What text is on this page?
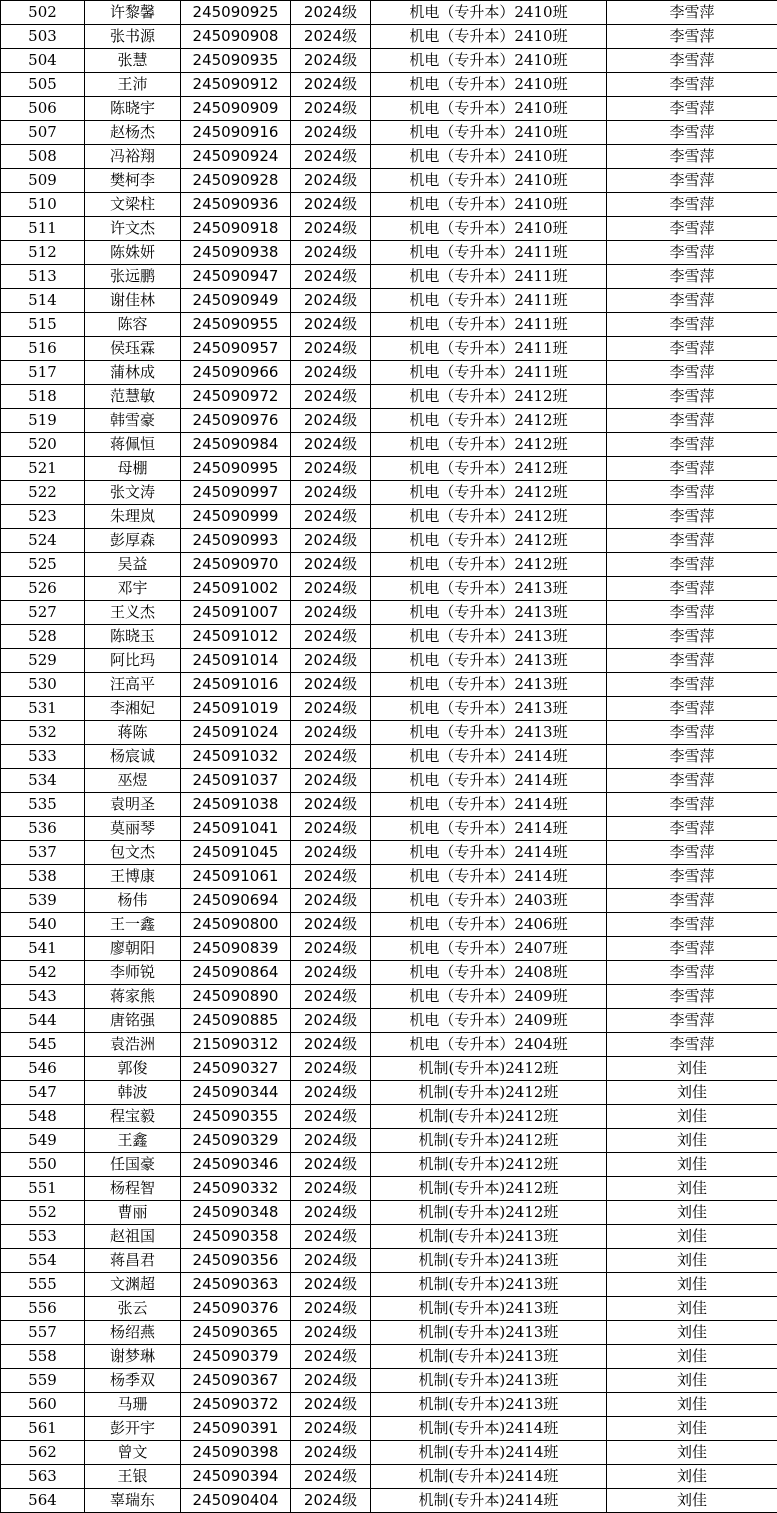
502	许黎馨	245090925	2024级	机电（专升本）2410班	李雪萍
503	张书源	245090908	2024级	机电（专升本）2410班	李雪萍
504	张慧	245090935	2024级	机电（专升本）2410班	李雪萍
505	王沛	245090912	2024级	机电（专升本）2410班	李雪萍
506	陈晓宇	245090909	2024级	机电（专升本）2410班	李雪萍
507	赵杨杰	245090916	2024级	机电（专升本）2410班	李雪萍
508	冯裕翔	245090924	2024级	机电（专升本）2410班	李雪萍
509	樊柯李	245090928	2024级	机电（专升本）2410班	李雪萍
510	文梁柱	245090936	2024级	机电（专升本）2410班	李雪萍
511	许文杰	245090918	2024级	机电（专升本）2410班	李雪萍
512	陈姝妍	245090938	2024级	机电（专升本）2411班	李雪萍
513	张远鹏	245090947	2024级	机电（专升本）2411班	李雪萍
514	谢佳林	245090949	2024级	机电（专升本）2411班	李雪萍
515	陈容	245090955	2024级	机电（专升本）2411班	李雪萍
516	侯珏霖	245090957	2024级	机电（专升本）2411班	李雪萍
517	蒲林成	245090966	2024级	机电（专升本）2411班	李雪萍
518	范慧敏	245090972	2024级	机电（专升本）2412班	李雪萍
519	韩雪豪	245090976	2024级	机电（专升本）2412班	李雪萍
520	蒋佩恒	245090984	2024级	机电（专升本）2412班	李雪萍
521	母棚	245090995	2024级	机电（专升本）2412班	李雪萍
522	张文涛	245090997	2024级	机电（专升本）2412班	李雪萍
523	朱理岚	245090999	2024级	机电（专升本）2412班	李雪萍
524	彭厚森	245090993	2024级	机电（专升本）2412班	李雪萍
525	吴益	245090970	2024级	机电（专升本）2412班	李雪萍
526	邓宇	245091002	2024级	机电（专升本）2413班	李雪萍
527	王义杰	245091007	2024级	机电（专升本）2413班	李雪萍
528	陈晓玉	245091012	2024级	机电（专升本）2413班	李雪萍
529	阿比玛	245091014	2024级	机电（专升本）2413班	李雪萍
530	汪高平	245091016	2024级	机电（专升本）2413班	李雪萍
531	李湘妃	245091019	2024级	机电（专升本）2413班	李雪萍
532	蒋陈	245091024	2024级	机电（专升本）2413班	李雪萍
533	杨宸诚	245091032	2024级	机电（专升本）2414班	李雪萍
534	巫煜	245091037	2024级	机电（专升本）2414班	李雪萍
535	袁明圣	245091038	2024级	机电（专升本）2414班	李雪萍
536	莫丽琴	245091041	2024级	机电（专升本）2414班	李雪萍
537	包文杰	245091045	2024级	机电（专升本）2414班	李雪萍
538	王博康	245091061	2024级	机电（专升本）2414班	李雪萍
539	杨伟	245090694	2024级	机电（专升本）2403班	李雪萍
540	王一鑫	245090800	2024级	机电（专升本）2406班	李雪萍
541	廖朝阳	245090839	2024级	机电（专升本）2407班	李雪萍
542	李师锐	245090864	2024级	机电（专升本）2408班	李雪萍
543	蒋家熊	245090890	2024级	机电（专升本）2409班	李雪萍
544	唐铭强	245090885	2024级	机电（专升本）2409班	李雪萍
545	袁浩洲	215090312	2024级	机电（专升本）2404班	李雪萍
546	郭俊	245090327	2024级	机制(专升本)2412班	刘佳
547	韩波	245090344	2024级	机制(专升本)2412班	刘佳
548	程宝毅	245090355	2024级	机制(专升本)2412班	刘佳
549	王鑫	245090329	2024级	机制(专升本)2412班	刘佳
550	任国豪	245090346	2024级	机制(专升本)2412班	刘佳
551	杨程智	245090332	2024级	机制(专升本)2412班	刘佳
552	曹丽	245090348	2024级	机制(专升本)2412班	刘佳
553	赵祖国	245090358	2024级	机制(专升本)2413班	刘佳
554	蒋昌君	245090356	2024级	机制(专升本)2413班	刘佳
555	文渊超	245090363	2024级	机制(专升本)2413班	刘佳
556	张云	245090376	2024级	机制(专升本)2413班	刘佳
557	杨绍燕	245090365	2024级	机制(专升本)2413班	刘佳
558	谢梦琳	245090379	2024级	机制(专升本)2413班	刘佳
559	杨季双	245090367	2024级	机制(专升本)2413班	刘佳
560	马珊	245090372	2024级	机制(专升本)2413班	刘佳
561	彭开宇	245090391	2024级	机制(专升本)2414班	刘佳
562	曾文	245090398	2024级	机制(专升本)2414班	刘佳
563	王银	245090394	2024级	机制(专升本)2414班	刘佳
564	辜瑞东	245090404	2024级	机制(专升本)2414班	刘佳
